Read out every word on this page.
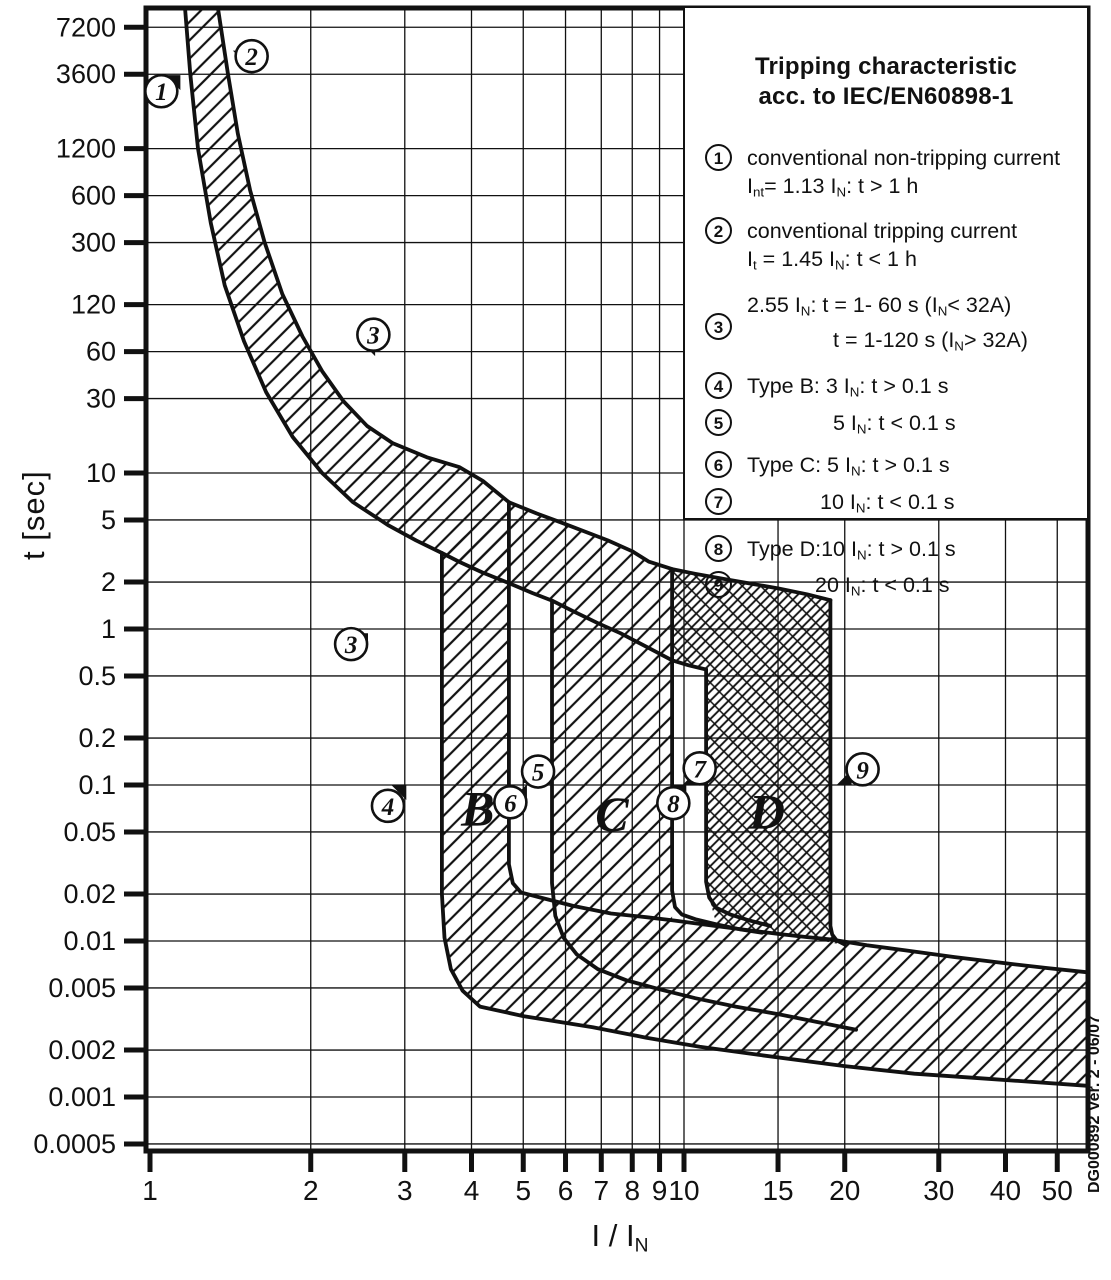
1	2	3 4 5 6 7 8 9 10 15 20 30 40 50
7200
3600
1200
600
300
120
60
30
10
5
2
1
0.5
0.2
0.1
0.05
0.02
0.01
0.005
0.002
0.001
0.0005
1
2
3
3
4
5
6
7
8
9
B C D
Tripping characteristic
acc. to IEC/EN60898-1
1	conventional non-tripping current
$I_{nt}= 1.13$ $I_N$: t > 1 h
2	conventional tripping current
$I_t = 1.45$ $I_N$: t < 1 h
3
2.55 $I_N$: t = 1- 60 s $(I_N< 32A)$
t = 1-120 s $(I_N> 32A)$
4	Type B: 3 $I_N$: t > 0.1 s
5	5 $I_N$: t < 0.1 s
6	Type C: 5 $I_N$: t > 0.1 s
7	10 $I_N$: t < 0.1 s
8	Type D:10 $I_N$: t > 0.1 s
9	20 $I_N$: t < 0.1 s
t [sec]
I / $I_N$
DG000892 Ver. 2 - 06/07
